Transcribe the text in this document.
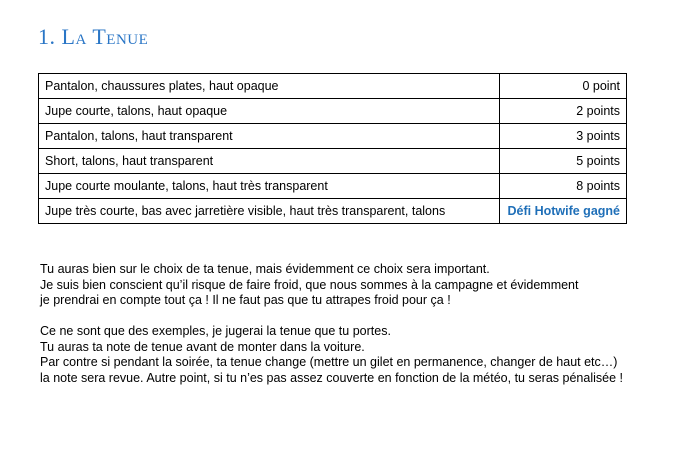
1. La Tenue
Pantalon, chaussures plates, haut opaque	0 point
Jupe courte, talons, haut opaque	2 points
Pantalon, talons, haut transparent	3 points
Short, talons, haut transparent	5 points
Jupe courte moulante, talons, haut très transparent	8 points
Jupe très courte, bas avec jarretière visible, haut très transparent, talons	Défi Hotwife gagné
Tu auras bien sur le choix de ta tenue, mais évidemment ce choix sera important.
Je suis bien conscient qu’il risque de faire froid, que nous sommes à la campagne et évidemment
je prendrai en compte tout ça ! Il ne faut pas que tu attrapes froid pour ça !
Ce ne sont que des exemples, je jugerai la tenue que tu portes.
Tu auras ta note de tenue avant de monter dans la voiture.
Par contre si pendant la soirée, ta tenue change (mettre un gilet en permanence, changer de haut etc…)
la note sera revue. Autre point, si tu n’es pas assez couverte en fonction de la météo, tu seras pénalisée !
